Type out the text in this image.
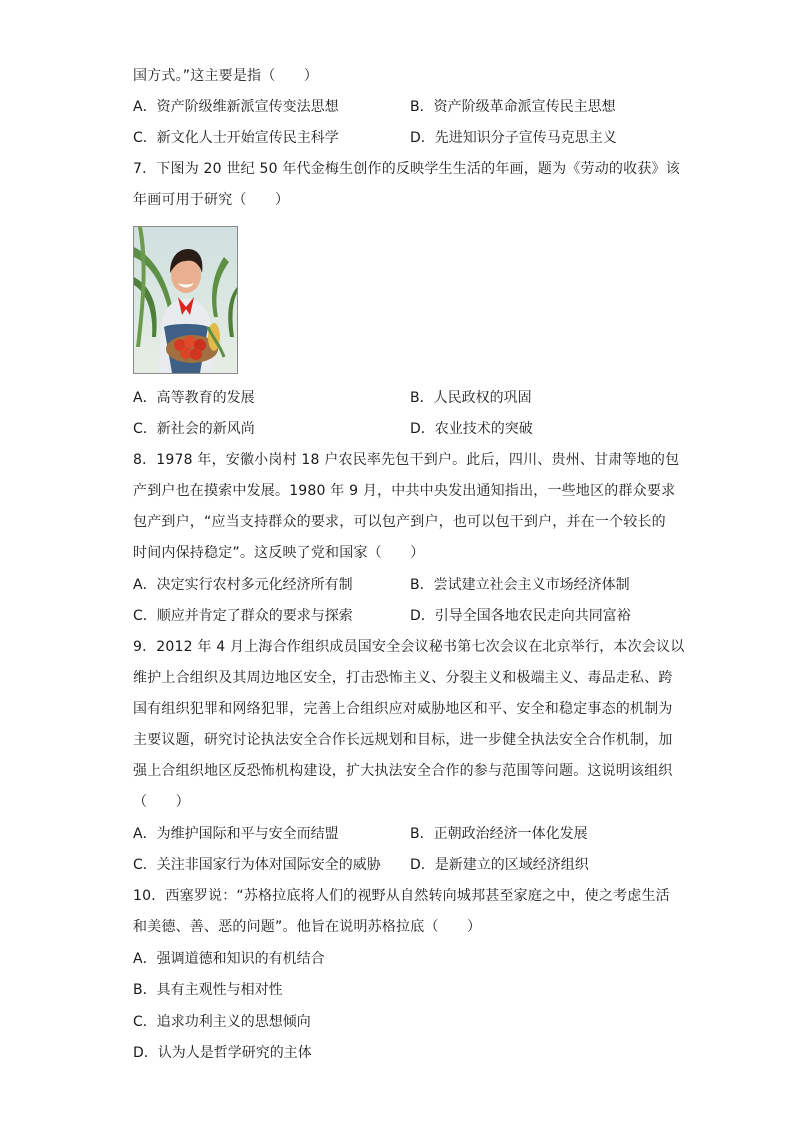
国方式。”这主要是指（　　）
A．资产阶级维新派宣传变法思想	B．资产阶级革命派宣传民主思想
C．新文化人士开始宣传民主科学	D．先进知识分子宣传马克思主义
7．下图为 20 世纪 50 年代金梅生创作的反映学生生活的年画，题为《劳动的收获》该
年画可用于研究（　　）
A．高等教育的发展	B．人民政权的巩固
C．新社会的新风尚	D．农业技术的突破
8．1978 年，安徽小岗村 18 户农民率先包干到户。此后，四川、贵州、甘肃等地的包
产到户也在摸索中发展。1980 年 9 月，中共中央发出通知指出，一些地区的群众要求
包产到户，“应当支持群众的要求，可以包产到户，也可以包干到户，并在一个较长的
时间内保持稳定”。这反映了党和国家（　　）
A．决定实行农村多元化经济所有制	B．尝试建立社会主义市场经济体制
C．顺应并肯定了群众的要求与探索	D．引导全国各地农民走向共同富裕
9．2012 年 4 月上海合作组织成员国安全会议秘书第七次会议在北京举行，本次会议以
维护上合组织及其周边地区安全，打击恐怖主义、分裂主义和极端主义、毒品走私、跨
国有组织犯罪和网络犯罪，完善上合组织应对威胁地区和平、安全和稳定事态的机制为
主要议题，研究讨论执法安全合作长远规划和目标，进一步健全执法安全合作机制，加
强上合组织地区反恐怖机构建设，扩大执法安全合作的参与范围等问题。这说明该组织
（　　）
A．为维护国际和平与安全而结盟	B．正朝政治经济一体化发展
C．关注非国家行为体对国际安全的威胁 D．是新建立的区域经济组织
10．西塞罗说：“苏格拉底将人们的视野从自然转向城邦甚至家庭之中，使之考虑生活
和美德、善、恶的问题”。他旨在说明苏格拉底（　　）
A．强调道德和知识的有机结合
B．具有主观性与相对性
C．追求功利主义的思想倾向
D．认为人是哲学研究的主体
